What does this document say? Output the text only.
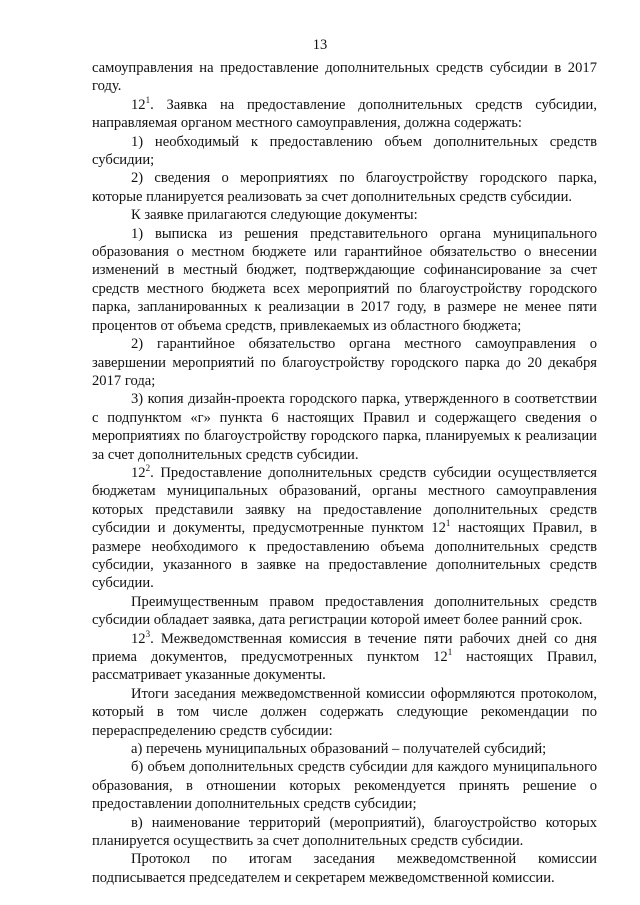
13

самоуправления на предоставление дополнительных средств субсидии в 2017 году.

$12^1$. Заявка на предоставление дополнительных средств субсидии, направляемая органом местного самоуправления, должна содержать:

1) необходимый к предоставлению объем дополнительных средств субсидии;

2) сведения о мероприятиях по благоустройству городского парка, которые планируется реализовать за счет дополнительных средств субсидии.

К заявке прилагаются следующие документы:

1) выписка из решения представительного органа муниципального образования о местном бюджете или гарантийное обязательство о внесении изменений в местный бюджет, подтверждающие софинансирование за счет средств местного бюджета всех мероприятий по благоустройству городского парка, запланированных к реализации в 2017 году, в размере не менее пяти процентов от объема средств, привлекаемых из областного бюджета;

2) гарантийное обязательство органа местного самоуправления о завершении мероприятий по благоустройству городского парка до 20 декабря 2017 года;

3) копия дизайн-проекта городского парка, утвержденного в соответствии с подпунктом «г» пункта 6 настоящих Правил и содержащего сведения о мероприятиях по благоустройству городского парка, планируемых к реализации за счет дополнительных средств субсидии.

$12^2$. Предоставление дополнительных средств субсидии осуществляется бюджетам муниципальных образований, органы местного самоуправления которых представили заявку на предоставление дополнительных средств субсидии и документы, предусмотренные пунктом $12^1$ настоящих Правил, в размере необходимого к предоставлению объема дополнительных средств субсидии, указанного в заявке на предоставление дополнительных средств субсидии.

Преимущественным правом предоставления дополнительных средств субсидии обладает заявка, дата регистрации которой имеет более ранний срок.

$12^3$. Межведомственная комиссия в течение пяти рабочих дней со дня приема документов, предусмотренных пунктом $12^1$ настоящих Правил, рассматривает указанные документы.

Итоги заседания межведомственной комиссии оформляются протоколом, который в том числе должен содержать следующие рекомендации по перераспределению средств субсидии:

а) перечень муниципальных образований – получателей субсидий;

б) объем дополнительных средств субсидии для каждого муниципального образования, в отношении которых рекомендуется принять решение о предоставлении дополнительных средств субсидии;

в) наименование территорий (мероприятий), благоустройство которых планируется осуществить за счет дополнительных средств субсидии.

Протокол по итогам заседания межведомственной комиссии подписывается председателем и секретарем межведомственной комиссии.
